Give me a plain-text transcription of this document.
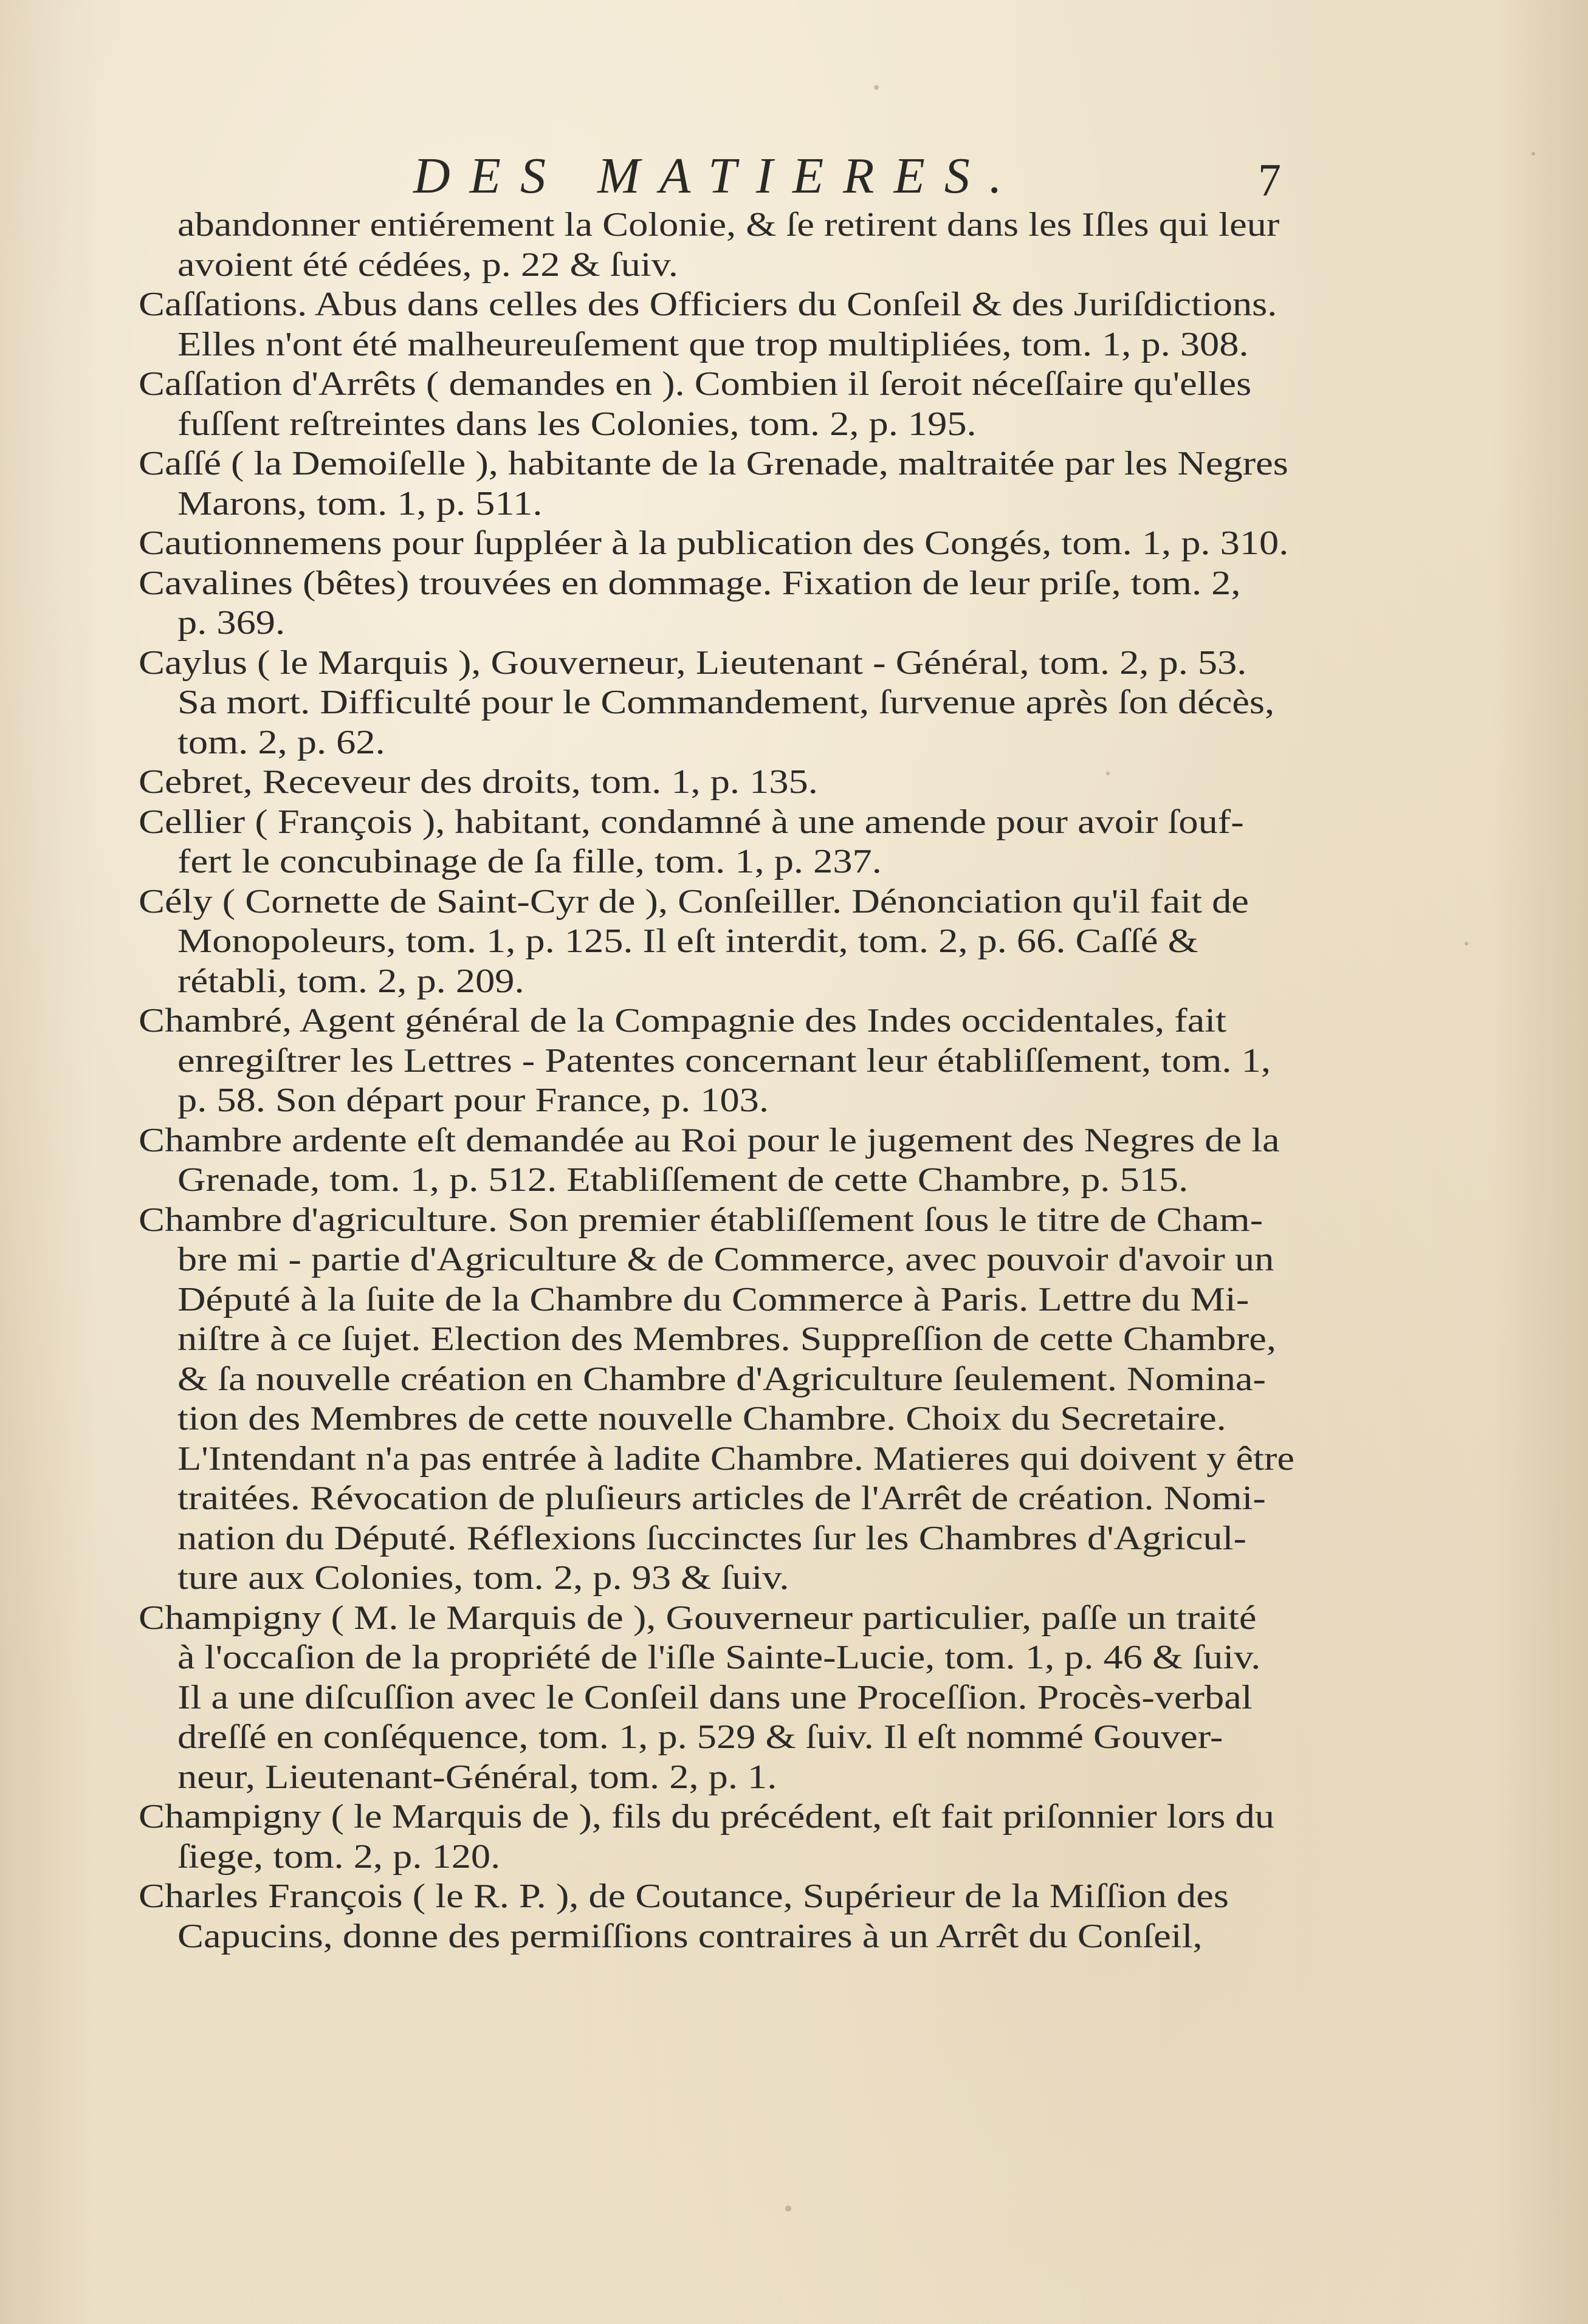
DES MATIERES.	7
abandonner entiérement la Colonie, & ſe retirent dans les Iſles qui leur
avoient été cédées, p. 22 & ſuiv.
Caſſations. Abus dans celles des Officiers du Conſeil & des Juriſdictions.
Elles n'ont été malheureuſement que trop multipliées, tom. 1, p. 308.
Caſſation d'Arrêts ( demandes en ). Combien il ſeroit néceſſaire qu'elles
fuſſent reſtreintes dans les Colonies, tom. 2, p. 195.
Caſſé ( la Demoiſelle ), habitante de la Grenade, maltraitée par les Negres
Marons, tom. 1, p. 511.
Cautionnemens pour ſuppléer à la publication des Congés, tom. 1, p. 310.
Cavalines (bêtes) trouvées en dommage. Fixation de leur priſe, tom. 2,
p. 369.
Caylus ( le Marquis ), Gouverneur, Lieutenant - Général, tom. 2, p. 53.
Sa mort. Difficulté pour le Commandement, ſurvenue après ſon décès,
tom. 2, p. 62.
Cebret, Receveur des droits, tom. 1, p. 135.
Cellier ( François ), habitant, condamné à une amende pour avoir ſouf-
fert le concubinage de ſa fille, tom. 1, p. 237.
Cély ( Cornette de Saint-Cyr de ), Conſeiller. Dénonciation qu'il fait de
Monopoleurs, tom. 1, p. 125. Il eſt interdit, tom. 2, p. 66. Caſſé &
rétabli, tom. 2, p. 209.
Chambré, Agent général de la Compagnie des Indes occidentales, fait
enregiſtrer les Lettres - Patentes concernant leur établiſſement, tom. 1,
p. 58. Son départ pour France, p. 103.
Chambre ardente eſt demandée au Roi pour le jugement des Negres de la
Grenade, tom. 1, p. 512. Etabliſſement de cette Chambre, p. 515.
Chambre d'agriculture. Son premier établiſſement ſous le titre de Cham-
bre mi - partie d'Agriculture & de Commerce, avec pouvoir d'avoir un
Député à la ſuite de la Chambre du Commerce à Paris. Lettre du Mi-
niſtre à ce ſujet. Election des Membres. Suppreſſion de cette Chambre,
& ſa nouvelle création en Chambre d'Agriculture ſeulement. Nomina-
tion des Membres de cette nouvelle Chambre. Choix du Secretaire.
L'Intendant n'a pas entrée à ladite Chambre. Matieres qui doivent y être
traitées. Révocation de pluſieurs articles de l'Arrêt de création. Nomi-
nation du Député. Réflexions ſuccinctes ſur les Chambres d'Agricul-
ture aux Colonies, tom. 2, p. 93 & ſuiv.
Champigny ( M. le Marquis de ), Gouverneur particulier, paſſe un traité
à l'occaſion de la propriété de l'iſle Sainte-Lucie, tom. 1, p. 46 & ſuiv.
Il a une diſcuſſion avec le Conſeil dans une Proceſſion. Procès-verbal
dreſſé en conſéquence, tom. 1, p. 529 & ſuiv. Il eſt nommé Gouver-
neur, Lieutenant-Général, tom. 2, p. 1.
Champigny ( le Marquis de ), fils du précédent, eſt fait priſonnier lors du
ſiege, tom. 2, p. 120.
Charles François ( le R. P. ), de Coutance, Supérieur de la Miſſion des
Capucins, donne des permiſſions contraires à un Arrêt du Conſeil,
